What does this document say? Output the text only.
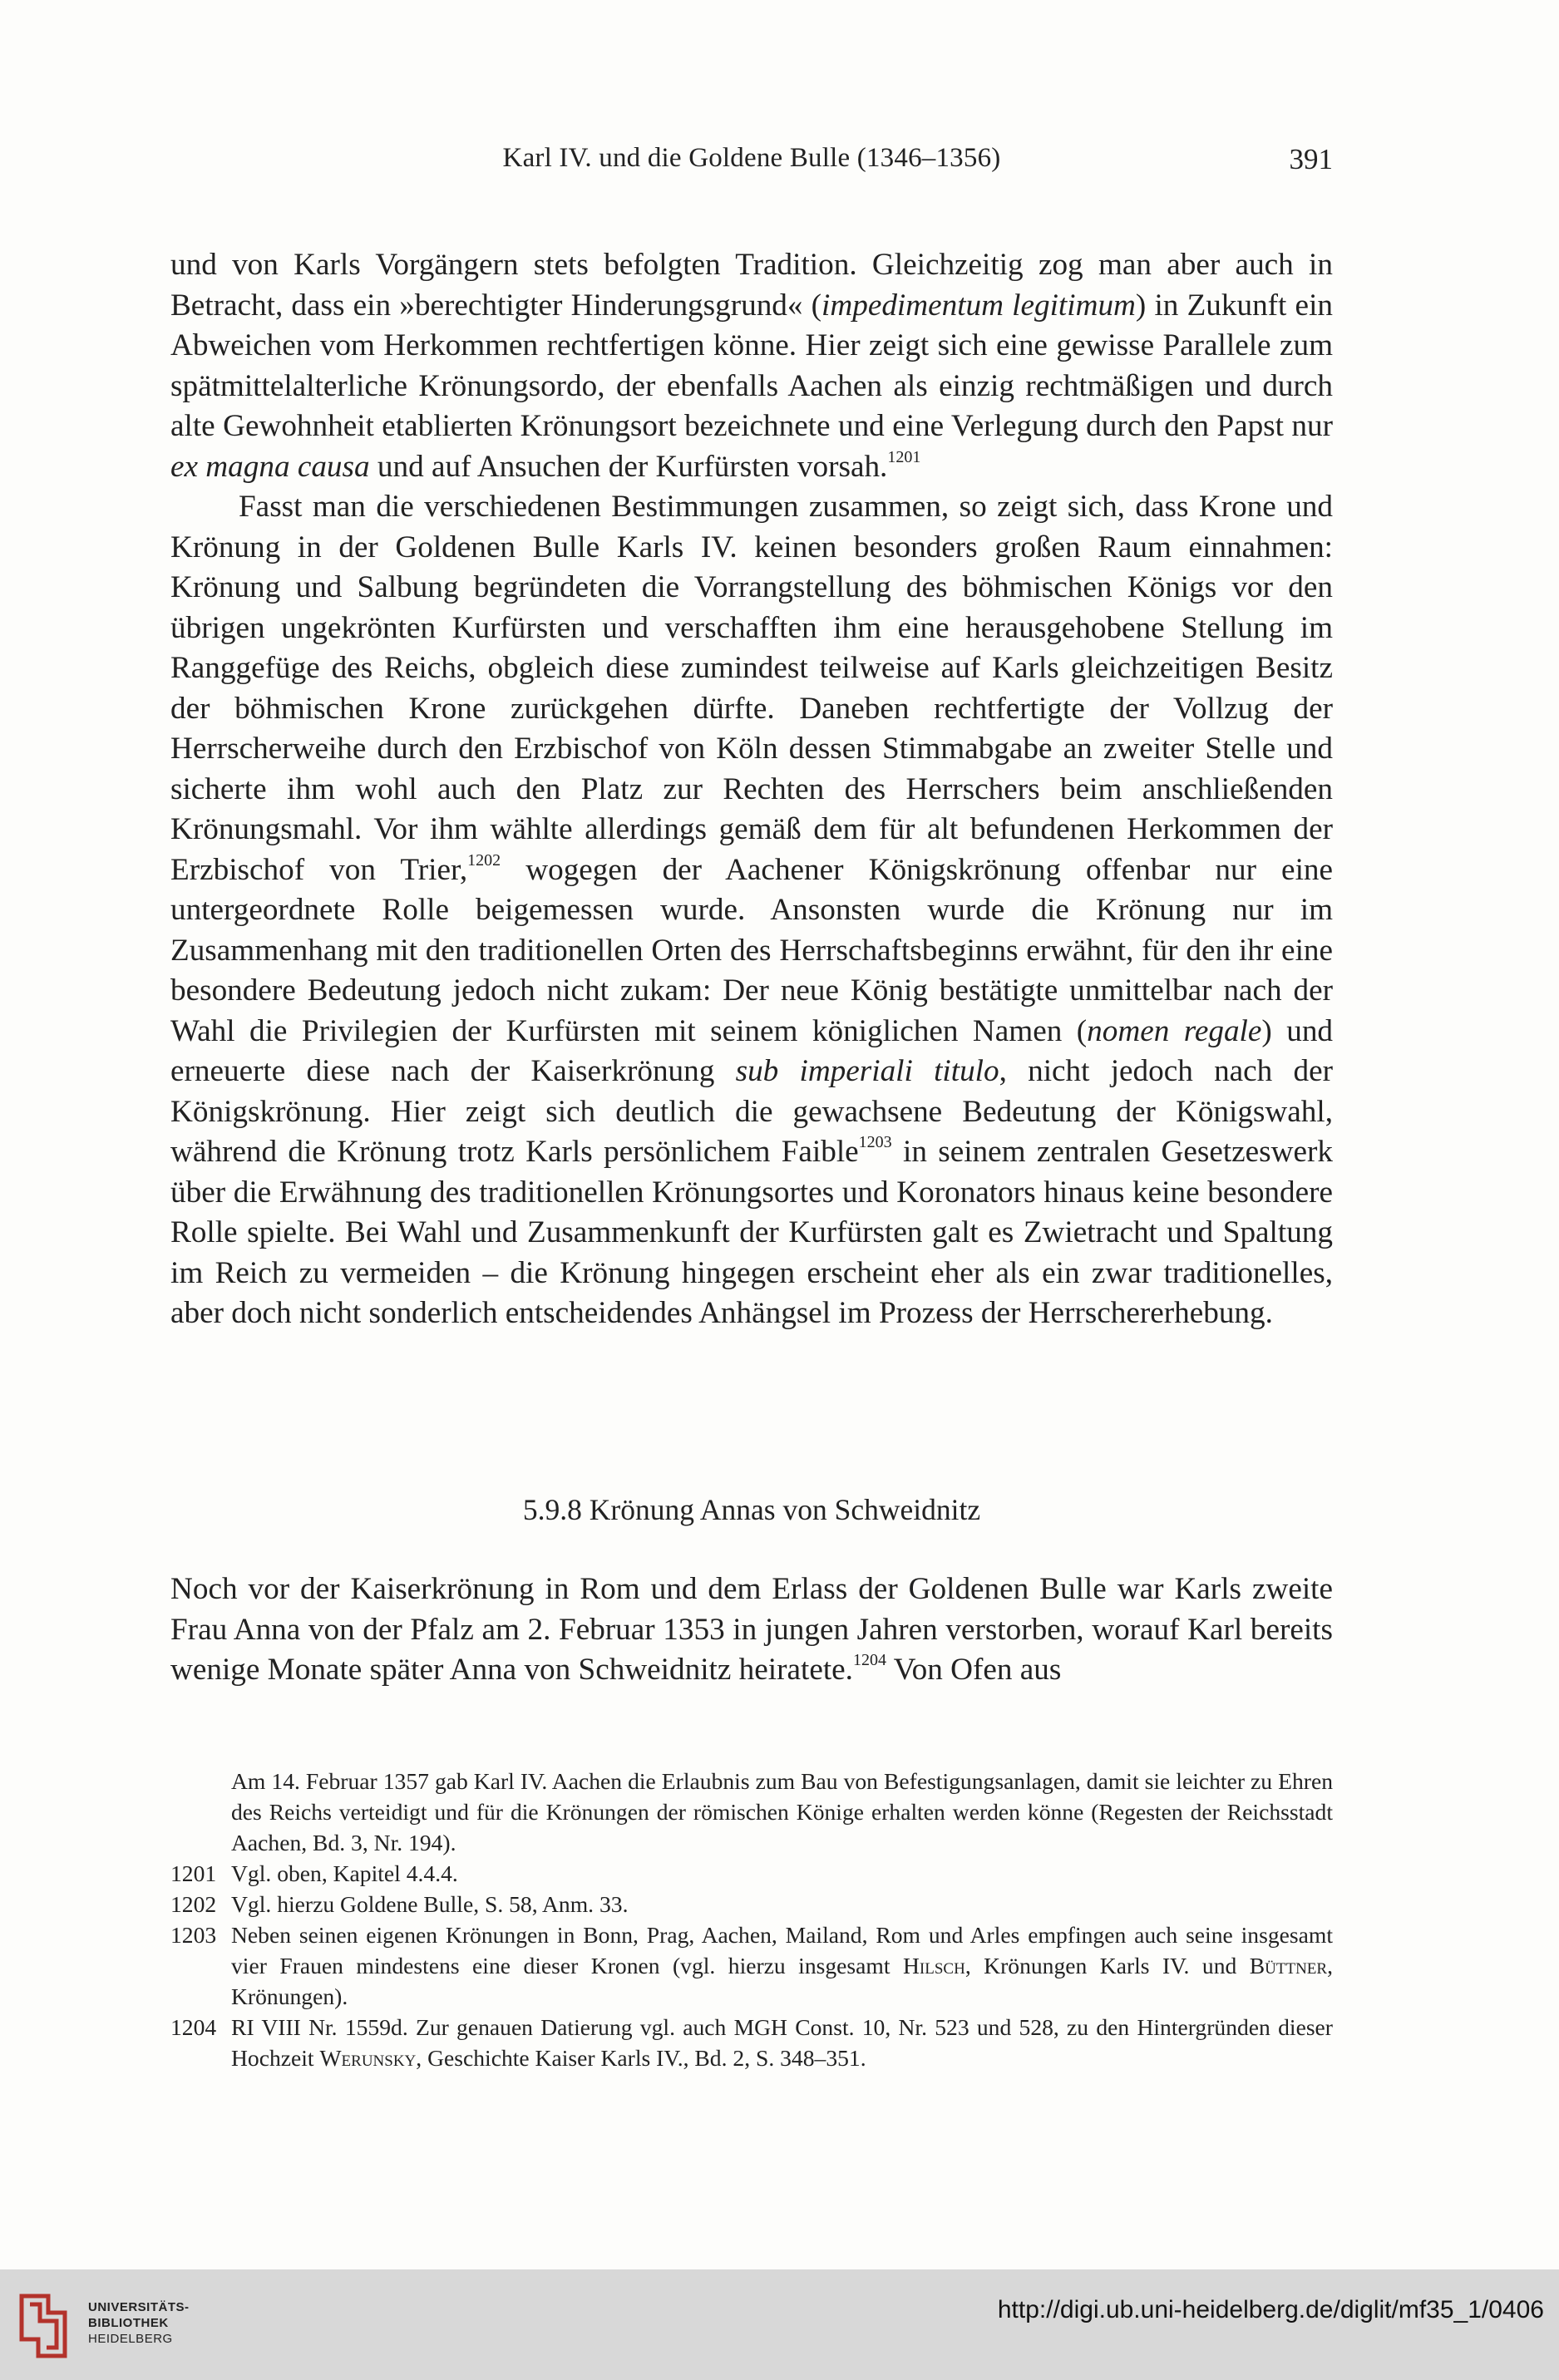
Karl IV. und die Goldene Bulle (1346–1356)	391

und von Karls Vorgängern stets befolgten Tradition. Gleichzeitig zog man aber auch in Betracht, dass ein »berechtigter Hinderungsgrund« (impedimentum legitimum) in Zukunft ein Abweichen vom Herkommen rechtfertigen könne. Hier zeigt sich eine gewisse Parallele zum spätmittelalterliche Krönungsordo, der ebenfalls Aachen als einzig rechtmäßigen und durch alte Gewohnheit etablierten Krönungsort bezeichnete und eine Verlegung durch den Papst nur ex magna causa und auf Ansuchen der Kurfürsten vorsah.$^{1201}$

Fasst man die verschiedenen Bestimmungen zusammen, so zeigt sich, dass Krone und Krönung in der Goldenen Bulle Karls IV. keinen besonders großen Raum einnahmen: Krönung und Salbung begründeten die Vorrangstellung des böhmischen Königs vor den übrigen ungekrönten Kurfürsten und verschafften ihm eine herausgehobene Stellung im Ranggefüge des Reichs, obgleich diese zumindest teilweise auf Karls gleichzeitigen Besitz der böhmischen Krone zurückgehen dürfte. Daneben rechtfertigte der Vollzug der Herrscherweihe durch den Erzbischof von Köln dessen Stimmabgabe an zweiter Stelle und sicherte ihm wohl auch den Platz zur Rechten des Herrschers beim anschließenden Krönungsmahl. Vor ihm wählte allerdings gemäß dem für alt befundenen Herkommen der Erzbischof von Trier,$^{1202}$ wogegen der Aachener Königskrönung offenbar nur eine untergeordnete Rolle beigemessen wurde. Ansonsten wurde die Krönung nur im Zusammenhang mit den traditionellen Orten des Herrschaftsbeginns erwähnt, für den ihr eine besondere Bedeutung jedoch nicht zukam: Der neue König bestätigte unmittelbar nach der Wahl die Privilegien der Kurfürsten mit seinem königlichen Namen (nomen regale) und erneuerte diese nach der Kaiserkrönung sub imperiali titulo, nicht jedoch nach der Königskrönung. Hier zeigt sich deutlich die gewachsene Bedeutung der Königswahl, während die Krönung trotz Karls persönlichem Faible$^{1203}$ in seinem zentralen Gesetzeswerk über die Erwähnung des traditionellen Krönungsortes und Koronators hinaus keine besondere Rolle spielte. Bei Wahl und Zusammenkunft der Kurfürsten galt es Zwietracht und Spaltung im Reich zu vermeiden – die Krönung hingegen erscheint eher als ein zwar traditionelles, aber doch nicht sonderlich entscheidendes Anhängsel im Prozess der Herrschererhebung.

5.9.8 Krönung Annas von Schweidnitz

Noch vor der Kaiserkrönung in Rom und dem Erlass der Goldenen Bulle war Karls zweite Frau Anna von der Pfalz am 2. Februar 1353 in jungen Jahren verstorben, worauf Karl bereits wenige Monate später Anna von Schweidnitz heiratete.$^{1204}$ Von Ofen aus

Am 14. Februar 1357 gab Karl IV. Aachen die Erlaubnis zum Bau von Befestigungsanlagen, damit sie leichter zu Ehren des Reichs verteidigt und für die Krönungen der römischen Könige erhalten werden könne (Regesten der Reichsstadt Aachen, Bd. 3, Nr. 194).
1201 Vgl. oben, Kapitel 4.4.4.
1202 Vgl. hierzu Goldene Bulle, S. 58, Anm. 33.
1203 Neben seinen eigenen Krönungen in Bonn, Prag, Aachen, Mailand, Rom und Arles empfingen auch seine insgesamt vier Frauen mindestens eine dieser Kronen (vgl. hierzu insgesamt Hilsch, Krönungen Karls IV. und Büttner, Krönungen).
1204 RI VIII Nr. 1559d. Zur genauen Datierung vgl. auch MGH Const. 10, Nr. 523 und 528, zu den Hintergründen dieser Hochzeit Werunsky, Geschichte Kaiser Karls IV., Bd. 2, S. 348–351.
UNIVERSITÄTS-
BIBLIOTHEK
HEIDELBERG
http://digi.ub.uni-heidelberg.de/diglit/mf35_1/0406
